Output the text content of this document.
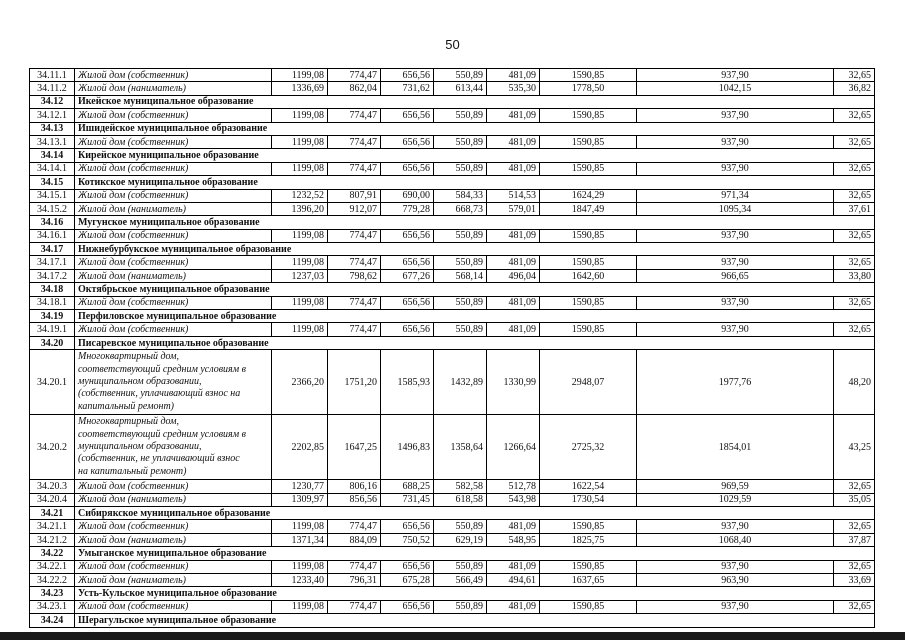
50
34.11.1	Жилой дом (собственник)	1199,08	774,47	656,56	550,89	481,09	1590,85	937,90	32,65
34.11.2	Жилой дом (наниматель)	1336,69	862,04	731,62	613,44	535,30	1778,50	1042,15	36,82
34.12	Икейское муниципальное образование								
34.12.1	Жилой дом (собственник)	1199,08	774,47	656,56	550,89	481,09	1590,85	937,90	32,65
34.13	Ишидейское муниципальное образование								
34.13.1	Жилой дом (собственник)	1199,08	774,47	656,56	550,89	481,09	1590,85	937,90	32,65
34.14	Кирейское муниципальное образование								
34.14.1	Жилой дом (собственник)	1199,08	774,47	656,56	550,89	481,09	1590,85	937,90	32,65
34.15	Котикское муниципальное образование								
34.15.1	Жилой дом (собственник)	1232,52	807,91	690,00	584,33	514,53	1624,29	971,34	32,65
34.15.2	Жилой дом (наниматель)	1396,20	912,07	779,28	668,73	579,01	1847,49	1095,34	37,61
34.16	Мугунское муниципальное образование								
34.16.1	Жилой дом (собственник)	1199,08	774,47	656,56	550,89	481,09	1590,85	937,90	32,65
34.17	Нижнебурбукское муниципальное образование								
34.17.1	Жилой дом (собственник)	1199,08	774,47	656,56	550,89	481,09	1590,85	937,90	32,65
34.17.2	Жилой дом (наниматель)	1237,03	798,62	677,26	568,14	496,04	1642,60	966,65	33,80
34.18	Октябрьское муниципальное образование								
34.18.1	Жилой дом (собственник)	1199,08	774,47	656,56	550,89	481,09	1590,85	937,90	32,65
34.19	Перфиловское муниципальное образование								
34.19.1	Жилой дом (собственник)	1199,08	774,47	656,56	550,89	481,09	1590,85	937,90	32,65
34.20	Писаревское муниципальное образование								
34.20.1	Многоквартирный дом,
соответствующий средним условиям в
муниципальном образовании,
(собственник, уплачивающий взнос на
капитальный ремонт)	2366,20	1751,20	1585,93	1432,89	1330,99	2948,07	1977,76	48,20
34.20.2	Многоквартирный дом,
соответствующий средним условиям в
муниципальном образовании,
(собственник, не уплачивающий взнос
на капитальный ремонт)	2202,85	1647,25	1496,83	1358,64	1266,64	2725,32	1854,01	43,25
34.20.3	Жилой дом (собственник)	1230,77	806,16	688,25	582,58	512,78	1622,54	969,59	32,65
34.20.4	Жилой дом (наниматель)	1309,97	856,56	731,45	618,58	543,98	1730,54	1029,59	35,05
34.21	Сибирякское муниципальное образование								
34.21.1	Жилой дом (собственник)	1199,08	774,47	656,56	550,89	481,09	1590,85	937,90	32,65
34.21.2	Жилой дом (наниматель)	1371,34	884,09	750,52	629,19	548,95	1825,75	1068,40	37,87
34.22	Умыганское муниципальное образование								
34.22.1	Жилой дом (собственник)	1199,08	774,47	656,56	550,89	481,09	1590,85	937,90	32,65
34.22.2	Жилой дом (наниматель)	1233,40	796,31	675,28	566,49	494,61	1637,65	963,90	33,69
34.23	Усть-Кульское муниципальное образование								
34.23.1	Жилой дом (собственник)	1199,08	774,47	656,56	550,89	481,09	1590,85	937,90	32,65
34.24	Шерагульское муниципальное образование								
